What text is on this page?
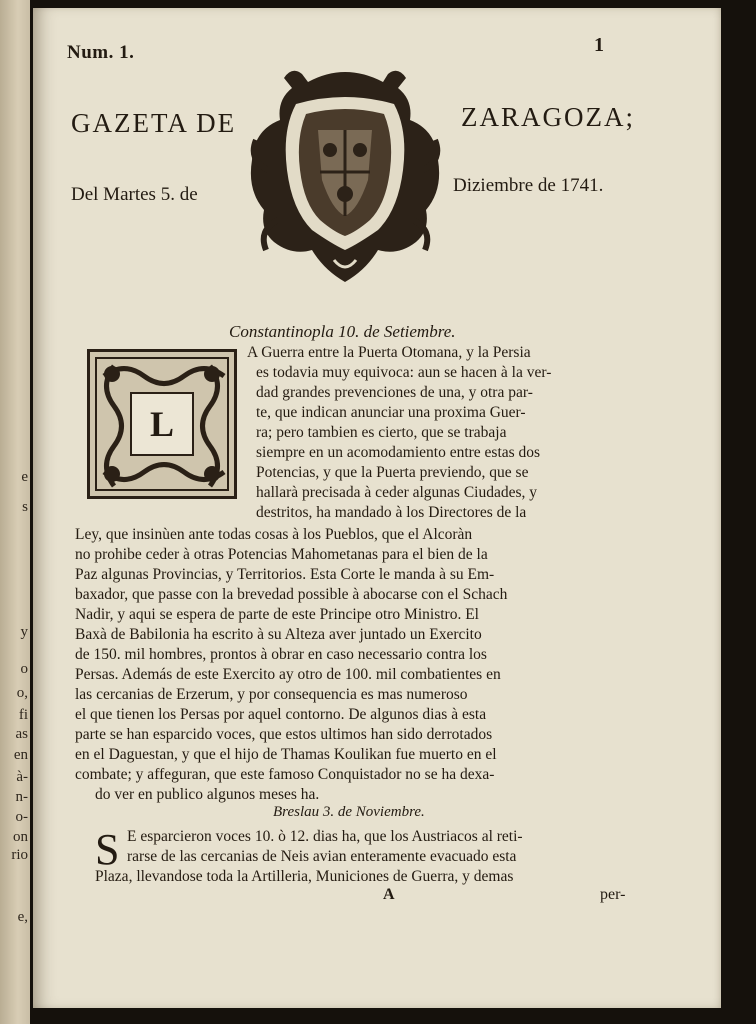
e
s
y
o
o,
fi
as
en
à-
n-
o-
on
rio
e,
Num. 1.	1
GAZETA DE	ZARAGOZA;
Del Martes 5. de	Diziembre de 1741.
Constantinopla 10. de Setiembre.
L
A Guerra entre la Puerta Otomana, y la Persia
es todavia muy equivoca: aun se hacen à la ver-
dad grandes prevenciones de una, y otra par-
te, que indican anunciar una proxima Guer-
ra; pero tambien es cierto, que se trabaja
siempre en un acomodamiento entre estas dos
Potencias, y que la Puerta previendo, que se
hallarà precisada à ceder algunas Ciudades, y
destritos, ha mandado à los Directores de la
Ley, que insinùen ante todas cosas à los Pueblos, que el Alcoràn
no prohibe ceder à otras Potencias Mahometanas para el bien de la
Paz algunas Provincias, y Territorios. Esta Corte le manda à su Em-
baxador, que passe con la brevedad possible à abocarse con el Schach
Nadir, y aqui se espera de parte de este Principe otro Ministro. El
Baxà de Babilonia ha escrito à su Alteza aver juntado un Exercito
de 150. mil hombres, prontos à obrar en caso necessario contra los
Persas. Además de este Exercito ay otro de 100. mil combatientes en
las cercanias de Erzerum, y por consequencia es mas numeroso
el que tienen los Persas por aquel contorno. De algunos dias à esta
parte se han esparcido voces, que estos ultimos han sido derrotados
en el Daguestan, y que el hijo de Thamas Koulikan fue muerto en el
combate; y affeguran, que este famoso Conquistador no se ha dexa-
do ver en publico algunos meses ha.
Breslau 3. de Noviembre.
S E esparcieron voces 10. ò 12. dias ha, que los Austriacos al reti-
rarse de las cercanias de Neis avian enteramente evacuado esta
Plaza, llevandose toda la Artilleria, Municiones de Guerra, y demas
A	per-
